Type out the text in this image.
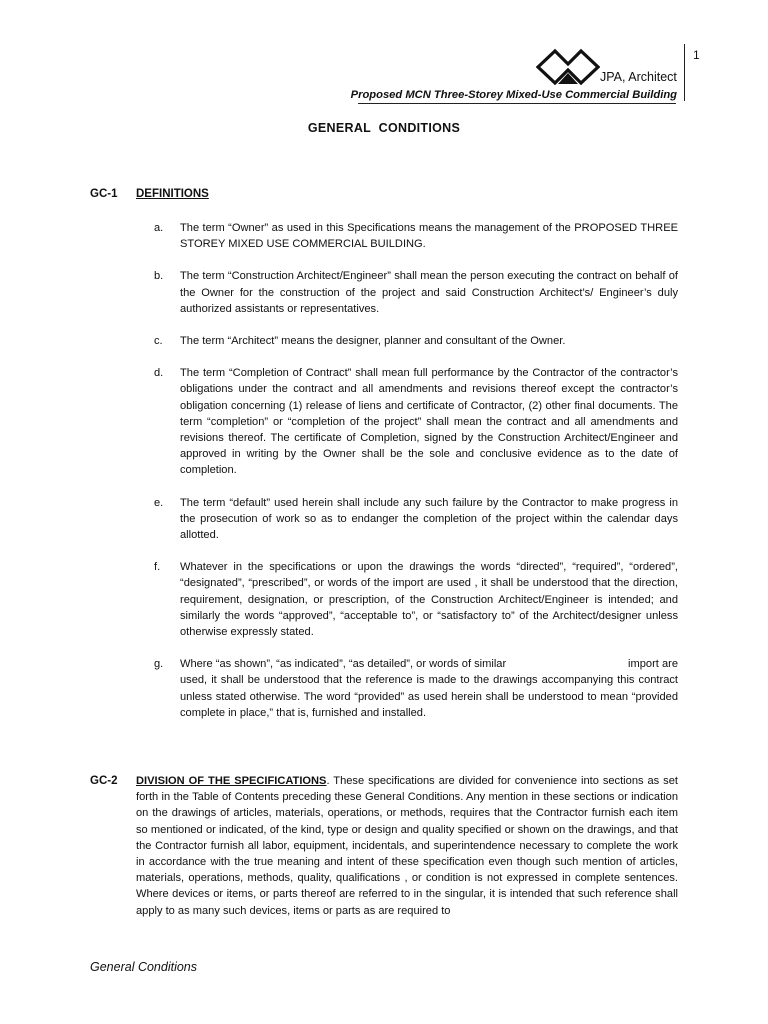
JPA, Architect
Proposed MCN Three-Storey Mixed-Use Commercial Building
1
GENERAL CONDITIONS
GC-1 DEFINITIONS
a.	The term “Owner” as used in this Specifications means the management of the PROPOSED THREE STOREY MIXED USE COMMERCIAL BUILDING.
b.	The term “Construction Architect/Engineer” shall mean the person executing the contract on behalf of the Owner for the construction of the project and said Construction Architect’s/ Engineer’s duly authorized assistants or representatives.
c.	The term “Architect” means the designer, planner and consultant of the Owner.
d.	The term “Completion of Contract” shall mean full performance by the Contractor of the contractor’s obligations under the contract and all amendments and revisions thereof except the contractor’s obligation concerning (1) release of liens and certificate of Contractor, (2) other final documents. The term “completion” or “completion of the project” shall mean the contract and all amendments and revisions thereof. The certificate of Completion, signed by the Construction Architect/Engineer and approved in writing by the Owner shall be the sole and conclusive evidence as to the date of completion.
e.	The term “default” used herein shall include any such failure by the Contractor to make progress in the prosecution of work so as to endanger the completion of the project within the calendar days allotted.
f.	Whatever in the specifications or upon the drawings the words “directed”, “required”, “ordered”, “designated”, “prescribed”, or words of the import are used , it shall be understood that the direction, requirement, designation, or prescription, of the Construction Architect/Engineer is intended; and similarly the words “approved”, “acceptable to”, or “satisfactory to” of the Architect/designer unless otherwise expressly stated.
g.	Where “as shown”, “as indicated”, “as detailed”, or words of similar	import are
used, it shall be understood that the reference is made to the drawings accompanying this contract unless stated otherwise. The word “provided” as used herein shall be understood to mean “provided complete in place,” that is, furnished and installed.
GC-2 DIVISION OF THE SPECIFICATIONS. These specifications are divided for convenience into sections as set forth in the Table of Contents preceding these General Conditions. Any mention in these sections or indication on the drawings of articles, materials, operations, or methods, requires that the Contractor furnish each item so mentioned or indicated, of the kind, type or design and quality specified or shown on the drawings, and that the Contractor furnish all labor, equipment, incidentals, and superintendence necessary to complete the work in accordance with the true meaning and intent of these specification even though such mention of articles, materials, operations, methods, quality, qualifications , or condition is not expressed in complete sentences. Where devices or items, or parts thereof are referred to in the singular, it is intended that such reference shall apply to as many such devices, items or parts as are required to
General Conditions
